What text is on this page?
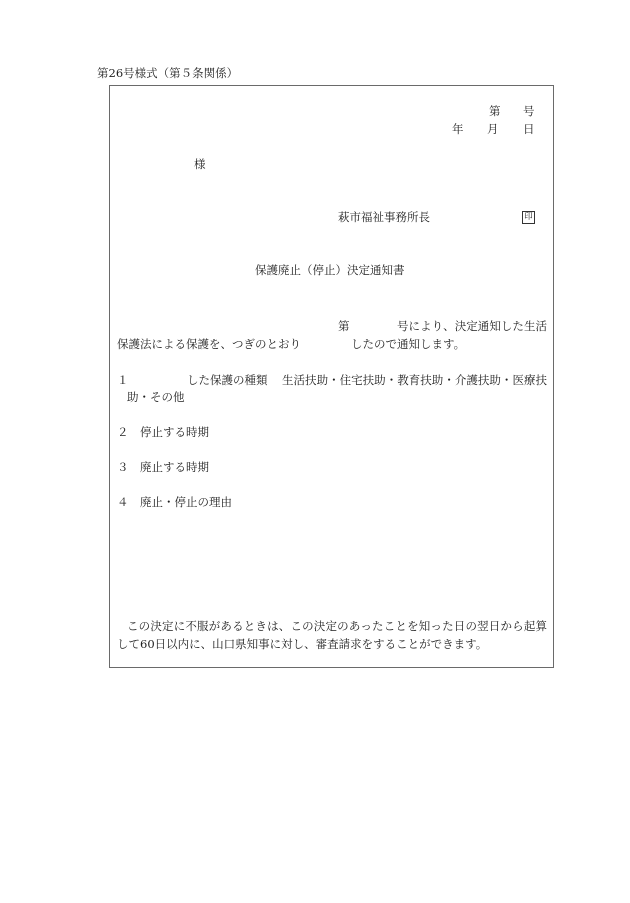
第26号様式（第５条関係）
第 号
年 月 日
様
萩市福祉事務所長	印
保護廃止（停止）決定通知書
第	号により、決定通知した生活
保護法による保護を、つぎのとおり	したので通知します。
１	した保護の種類 生活扶助・住宅扶助・教育扶助・介護扶助・医療扶
助・その他
２ 停止する時期
３ 廃止する時期
４ 廃止・停止の理由
この決定に不服があるときは、この決定のあったことを知った日の翌日から起算
して60日以内に、山口県知事に対し、審査請求をすることができます。
